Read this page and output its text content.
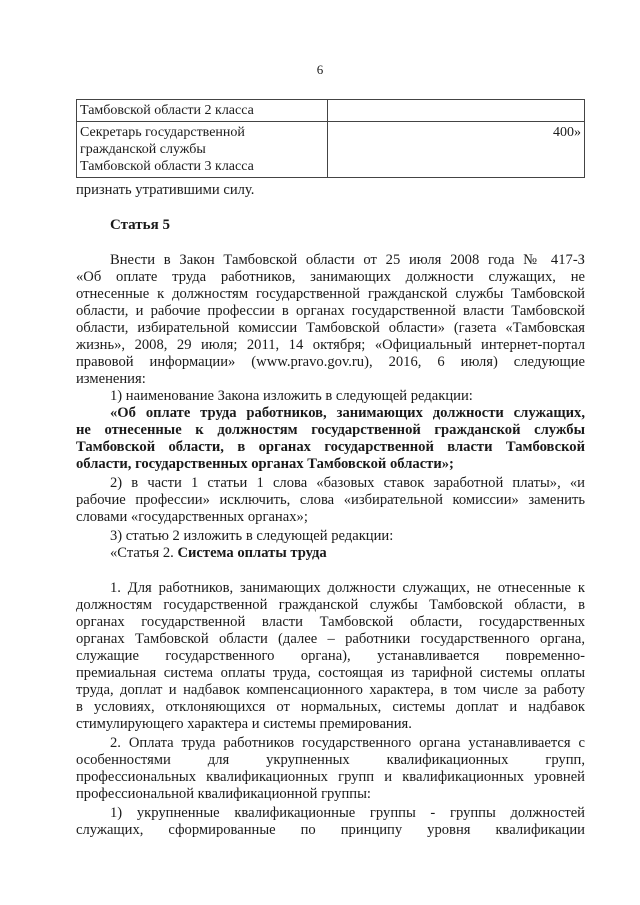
6
Тамбовской области 2 класса	

Секретарь государственной
гражданской службы
Тамбовской области 3 класса	400»
признать утратившими силу.
Статья 5
Внести в Закон Тамбовской области от 25 июля 2008 года № 417-З
«Об оплате труда работников, занимающих должности служащих, не
отнесенные к должностям государственной гражданской службы Тамбовской
области, и рабочие профессии в органах государственной власти Тамбовской
области, избирательной комиссии Тамбовской области» (газета «Тамбовская
жизнь», 2008, 29 июля; 2011, 14 октября; «Официальный интернет-портал
правовой информации» (www.pravo.gov.ru), 2016, 6 июля) следующие
изменения:
1) наименование Закона изложить в следующей редакции:
«Об оплате труда работников, занимающих должности служащих,
не отнесенные к должностям государственной гражданской службы
Тамбовской области, в органах государственной власти Тамбовской
области, государственных органах Тамбовской области»;
2) в части 1 статьи 1 слова «базовых ставок заработной платы», «и
рабочие профессии» исключить, слова «избирательной комиссии» заменить
словами «государственных органах»;
3) статью 2 изложить в следующей редакции:
«Статья 2. Система оплаты труда
1. Для работников, занимающих должности служащих, не отнесенные к
должностям государственной гражданской службы Тамбовской области, в
органах государственной власти Тамбовской области, государственных
органах Тамбовской области (далее – работники государственного органа,
служащие государственного органа), устанавливается повременно-
премиальная система оплаты труда, состоящая из тарифной системы оплаты
труда, доплат и надбавок компенсационного характера, в том числе за работу
в условиях, отклоняющихся от нормальных, системы доплат и надбавок
стимулирующего характера и системы премирования.
2. Оплата труда работников государственного органа устанавливается с
особенностями для укрупненных квалификационных групп,
профессиональных квалификационных групп и квалификационных уровней
профессиональной квалификационной группы:
1) укрупненные квалификационные группы - группы должностей
служащих, сформированные по принципу уровня квалификации
